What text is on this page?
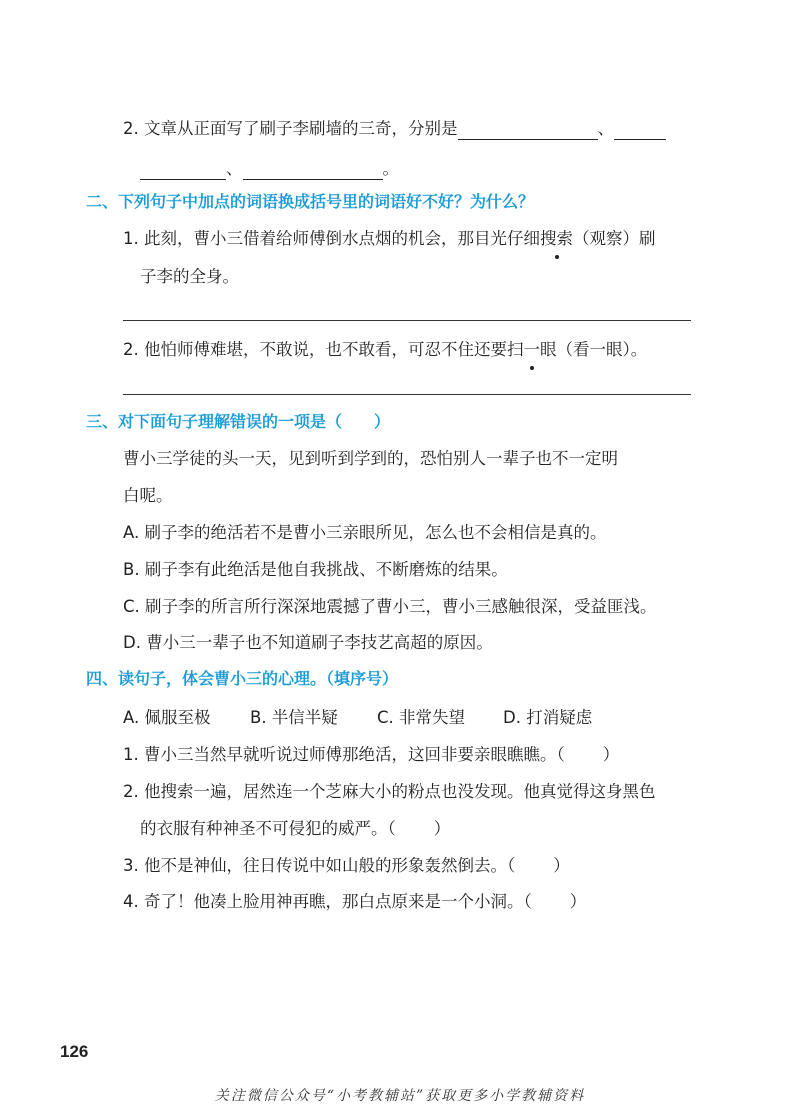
2. 文章从正面写了刷子李刷墙的三奇，分别是	、
、	。
二、下列句子中加点的词语换成括号里的词语好不好？为什么？
1. 此刻，曹小三借着给师傅倒水点烟的机会，那目光仔细搜索（观察）刷
子李的全身。
2. 他怕师傅难堪，不敢说，也不敢看，可忍不住还要扫一眼（看一眼）。
三、对下面句子理解错误的一项是（　　）
曹小三学徒的头一天，见到听到学到的，恐怕别人一辈子也不一定明
白呢。
A. 刷子李的绝活若不是曹小三亲眼所见，怎么也不会相信是真的。
B. 刷子李有此绝活是他自我挑战、不断磨炼的结果。
C. 刷子李的所言所行深深地震撼了曹小三，曹小三感触很深，受益匪浅。
D. 曹小三一辈子也不知道刷子李技艺高超的原因。
四、读句子，体会曹小三的心理。（填序号）
A. 佩服至极 B. 半信半疑 C. 非常失望 D. 打消疑虑
1. 曹小三当然早就听说过师傅那绝活，这回非要亲眼瞧瞧。（ ）
2. 他搜索一遍，居然连一个芝麻大小的粉点也没发现。他真觉得这身黑色
的衣服有种神圣不可侵犯的威严。（ ）
3. 他不是神仙，往日传说中如山般的形象轰然倒去。（ ）
4. 奇了！他凑上脸用神再瞧，那白点原来是一个小洞。（ ）
126
关注微信公众号“小考教辅站”获取更多小学教辅资料
